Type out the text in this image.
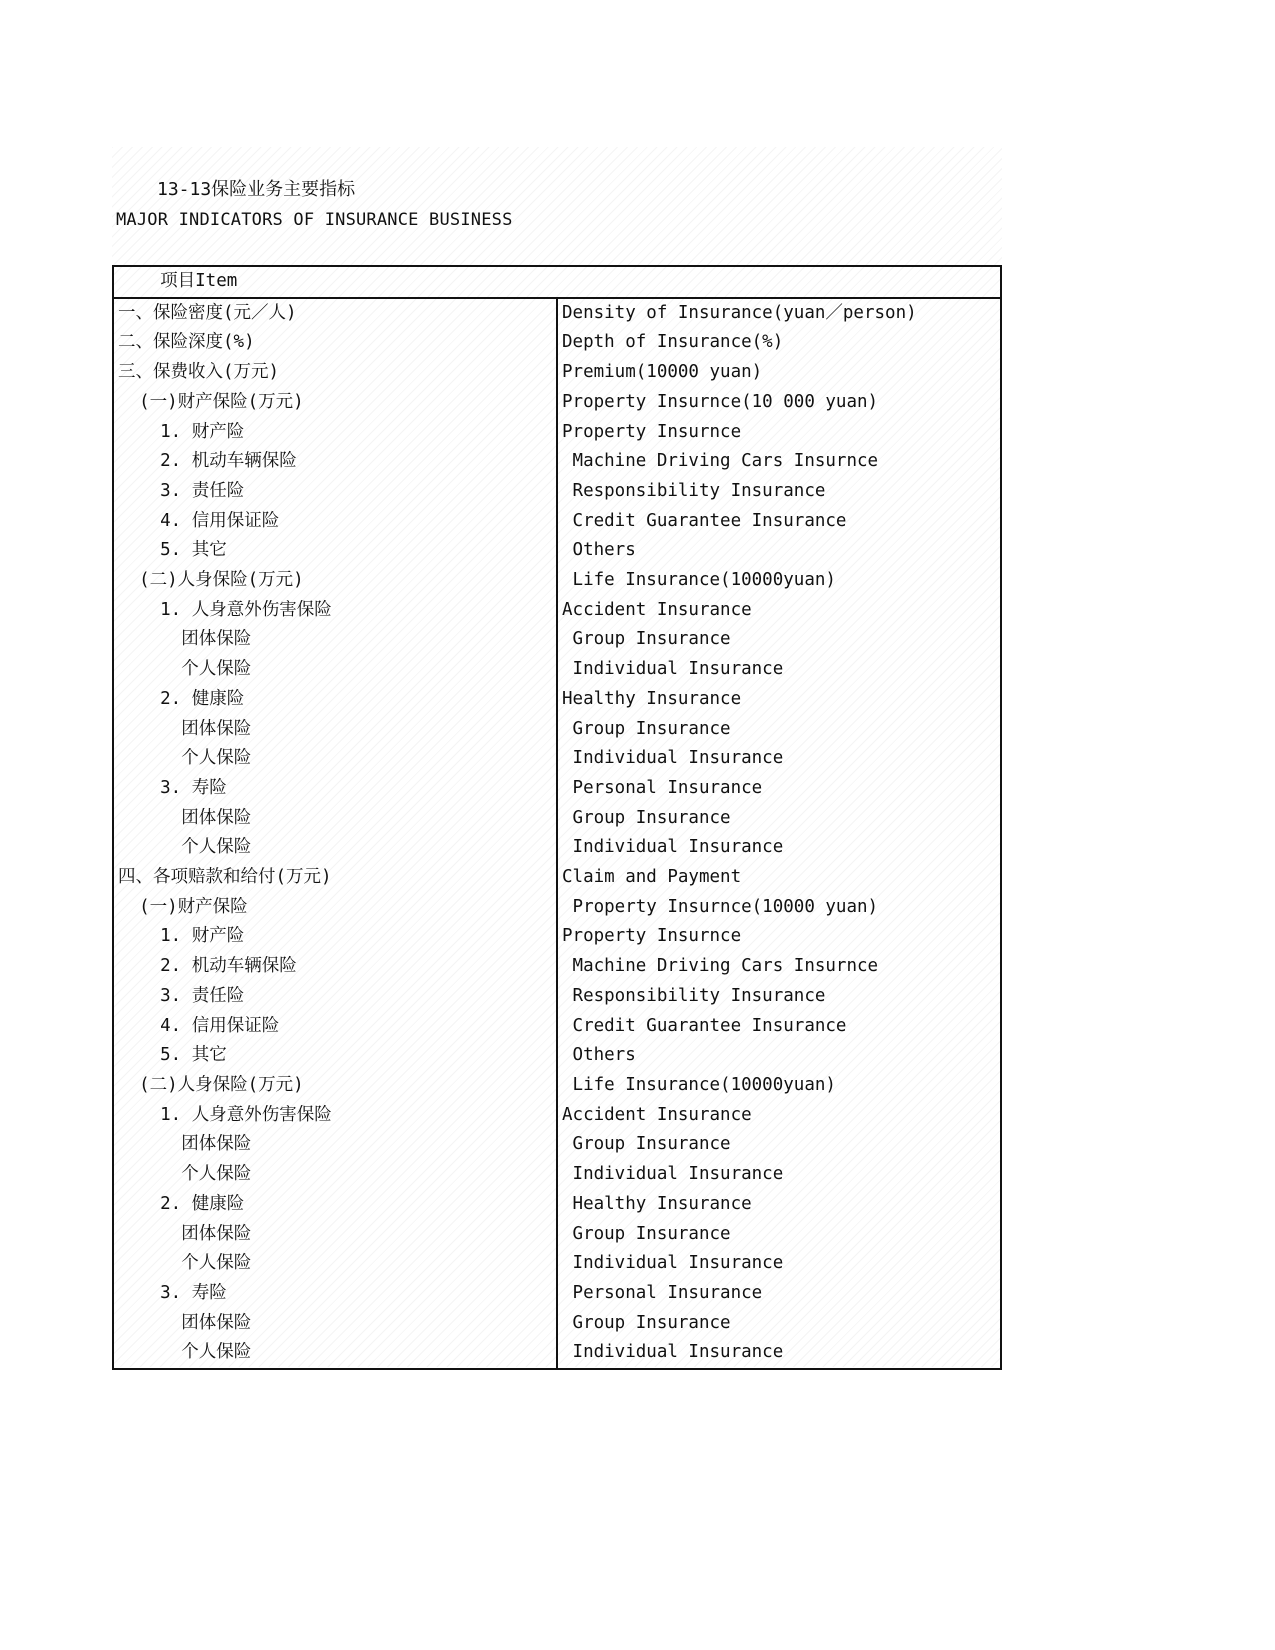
13-13保险业务主要指标
MAJOR INDICATORS OF INSURANCE BUSINESS
项目Item	
一、保险密度(元／人)	Density of Insurance(yuan／person)
二、保险深度(%)	Depth of Insurance(%)
三、保费收入(万元)	Premium(10000 yuan)
(一)财产保险(万元)	Property Insurnce(10 000 yuan)
1. 财产险	Property Insurnce
2. 机动车辆保险	Machine Driving Cars Insurnce
3. 责任险	Responsibility Insurance
4. 信用保证险	Credit Guarantee Insurance
5. 其它	Others
(二)人身保险(万元)	Life Insurance(10000yuan)
1. 人身意外伤害保险	Accident Insurance
团体保险	Group Insurance
个人保险	Individual Insurance
2. 健康险	Healthy Insurance
团体保险	Group Insurance
个人保险	Individual Insurance
3. 寿险	Personal Insurance
团体保险	Group Insurance
个人保险	Individual Insurance
四、各项赔款和给付(万元)	Claim and Payment
(一)财产保险	Property Insurnce(10000 yuan)
1. 财产险	Property Insurnce
2. 机动车辆保险	Machine Driving Cars Insurnce
3. 责任险	Responsibility Insurance
4. 信用保证险	Credit Guarantee Insurance
5. 其它	Others
(二)人身保险(万元)	Life Insurance(10000yuan)
1. 人身意外伤害保险	Accident Insurance
团体保险	Group Insurance
个人保险	Individual Insurance
2. 健康险	Healthy Insurance
团体保险	Group Insurance
个人保险	Individual Insurance
3. 寿险	Personal Insurance
团体保险	Group Insurance
个人保险	Individual Insurance
